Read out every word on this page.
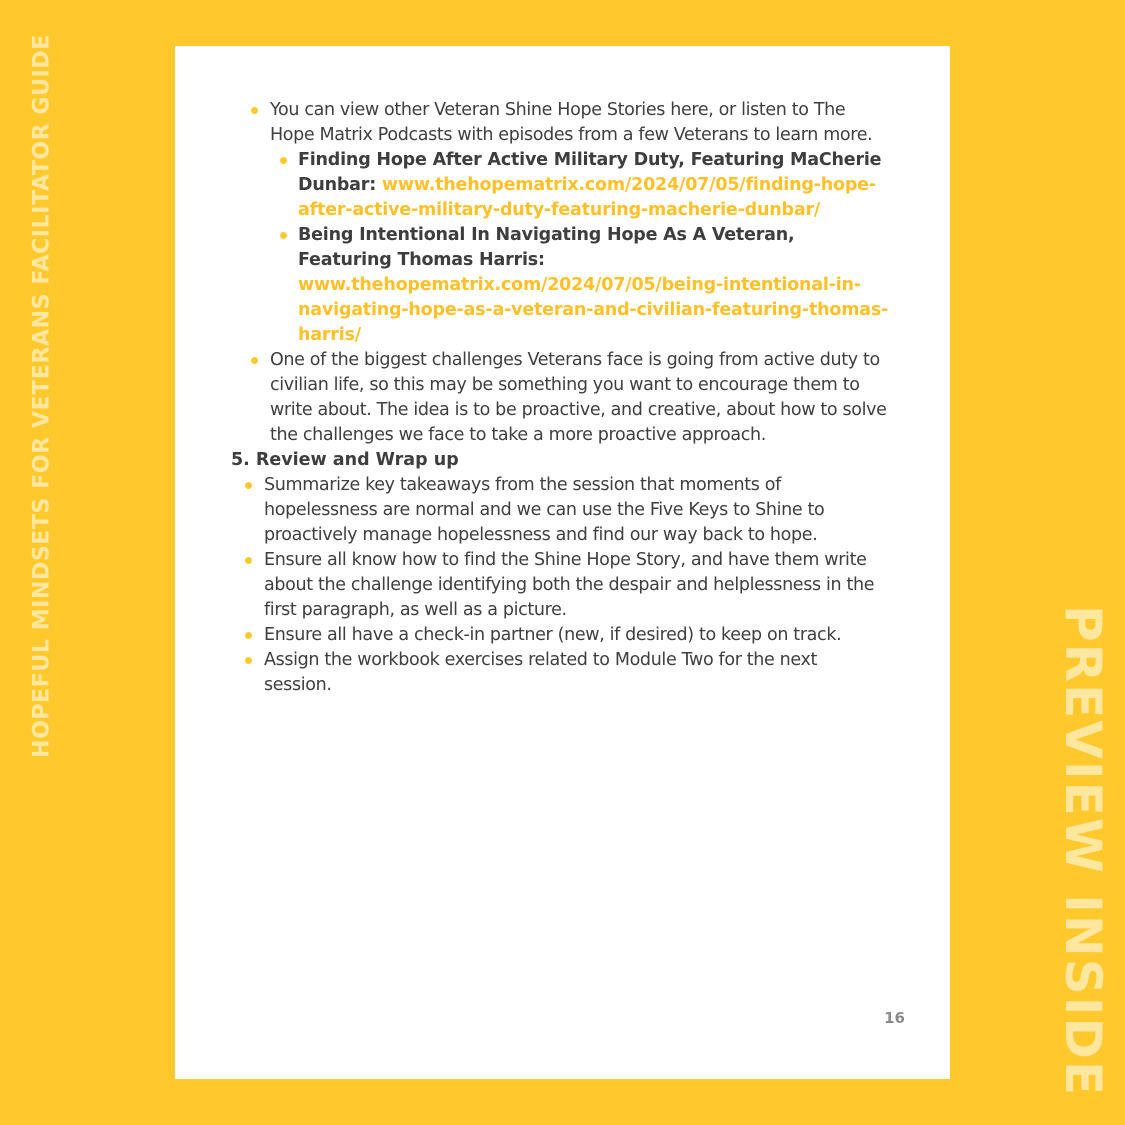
HOPEFUL MINDSETS FOR VETERANS FACILITATOR GUIDE
PREVIEW INSIDE
You can view other Veteran Shine Hope Stories here, or listen to The Hope Matrix Podcasts with episodes from a few Veterans to learn more.
Finding Hope After Active Military Duty, Featuring MaCherie Dunbar: www.thehopematrix.com/2024/07/05/finding-hope-after-active-military-duty-featuring-macherie-dunbar/
Being Intentional In Navigating Hope As A Veteran, Featuring Thomas Harris: www.thehopematrix.com/2024/07/05/being-intentional-in-navigating-hope-as-a-veteran-and-civilian-featuring-thomas-harris/
One of the biggest challenges Veterans face is going from active duty to civilian life, so this may be something you want to encourage them to write about. The idea is to be proactive, and creative, about how to solve the challenges we face to take a more proactive approach.
5. Review and Wrap up
Summarize key takeaways from the session that moments of hopelessness are normal and we can use the Five Keys to Shine to proactively manage hopelessness and find our way back to hope.
Ensure all know how to find the Shine Hope Story, and have them write about the challenge identifying both the despair and helplessness in the first paragraph, as well as a picture.
Ensure all have a check-in partner (new, if desired) to keep on track.
Assign the workbook exercises related to Module Two for the next session.
16
